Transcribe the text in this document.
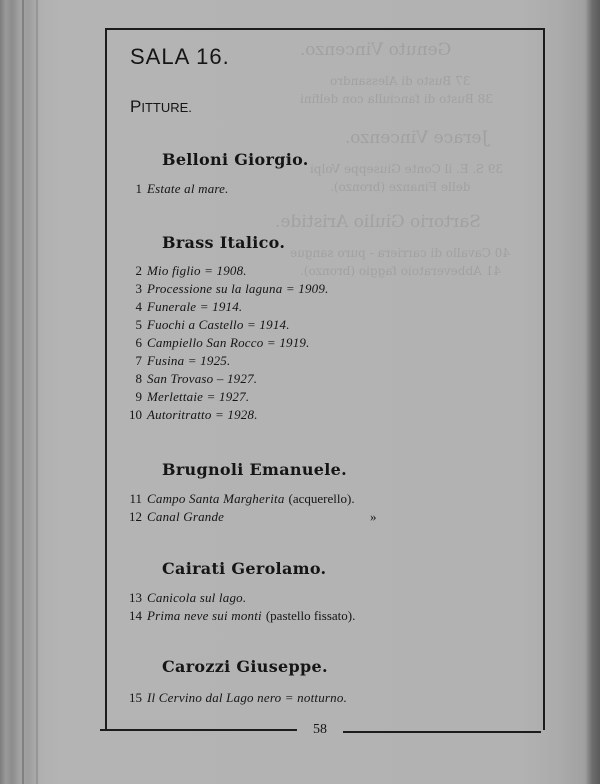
Genuto Vincenzo.
37 Busto di Alessandro
38 Busto di fanciulla con delfini
Jerace Vincenzo.
39 S. E. il Conte Giuseppe Volpi
delle Finanze (bronzo).
Sartorio Giulio Aristide.
40 Cavallo di carriera - puro sangue
41 Abbeveratoio faggio (bronzo).
58
SALA 16.
PITTURE.
Belloni Giorgio.
1 Estate al mare.
Brass Italico.
2 Mio figlio = 1908.
3 Processione su la laguna = 1909.
4 Funerale = 1914.
5 Fuochi a Castello = 1914.
6 Campiello San Rocco = 1919.
7 Fusina = 1925.
8 San Trovaso – 1927.
9 Merlettaie = 1927.
10 Autoritratto = 1928.
Brugnoli Emanuele.
11 Campo Santa Margherita (acquerello).
12 Canal Grande	»
Cairati Gerolamo.
13 Canicola sul lago.
14 Prima neve sui monti (pastello fissato).
Carozzi Giuseppe.
15 Il Cervino dal Lago nero = notturno.
